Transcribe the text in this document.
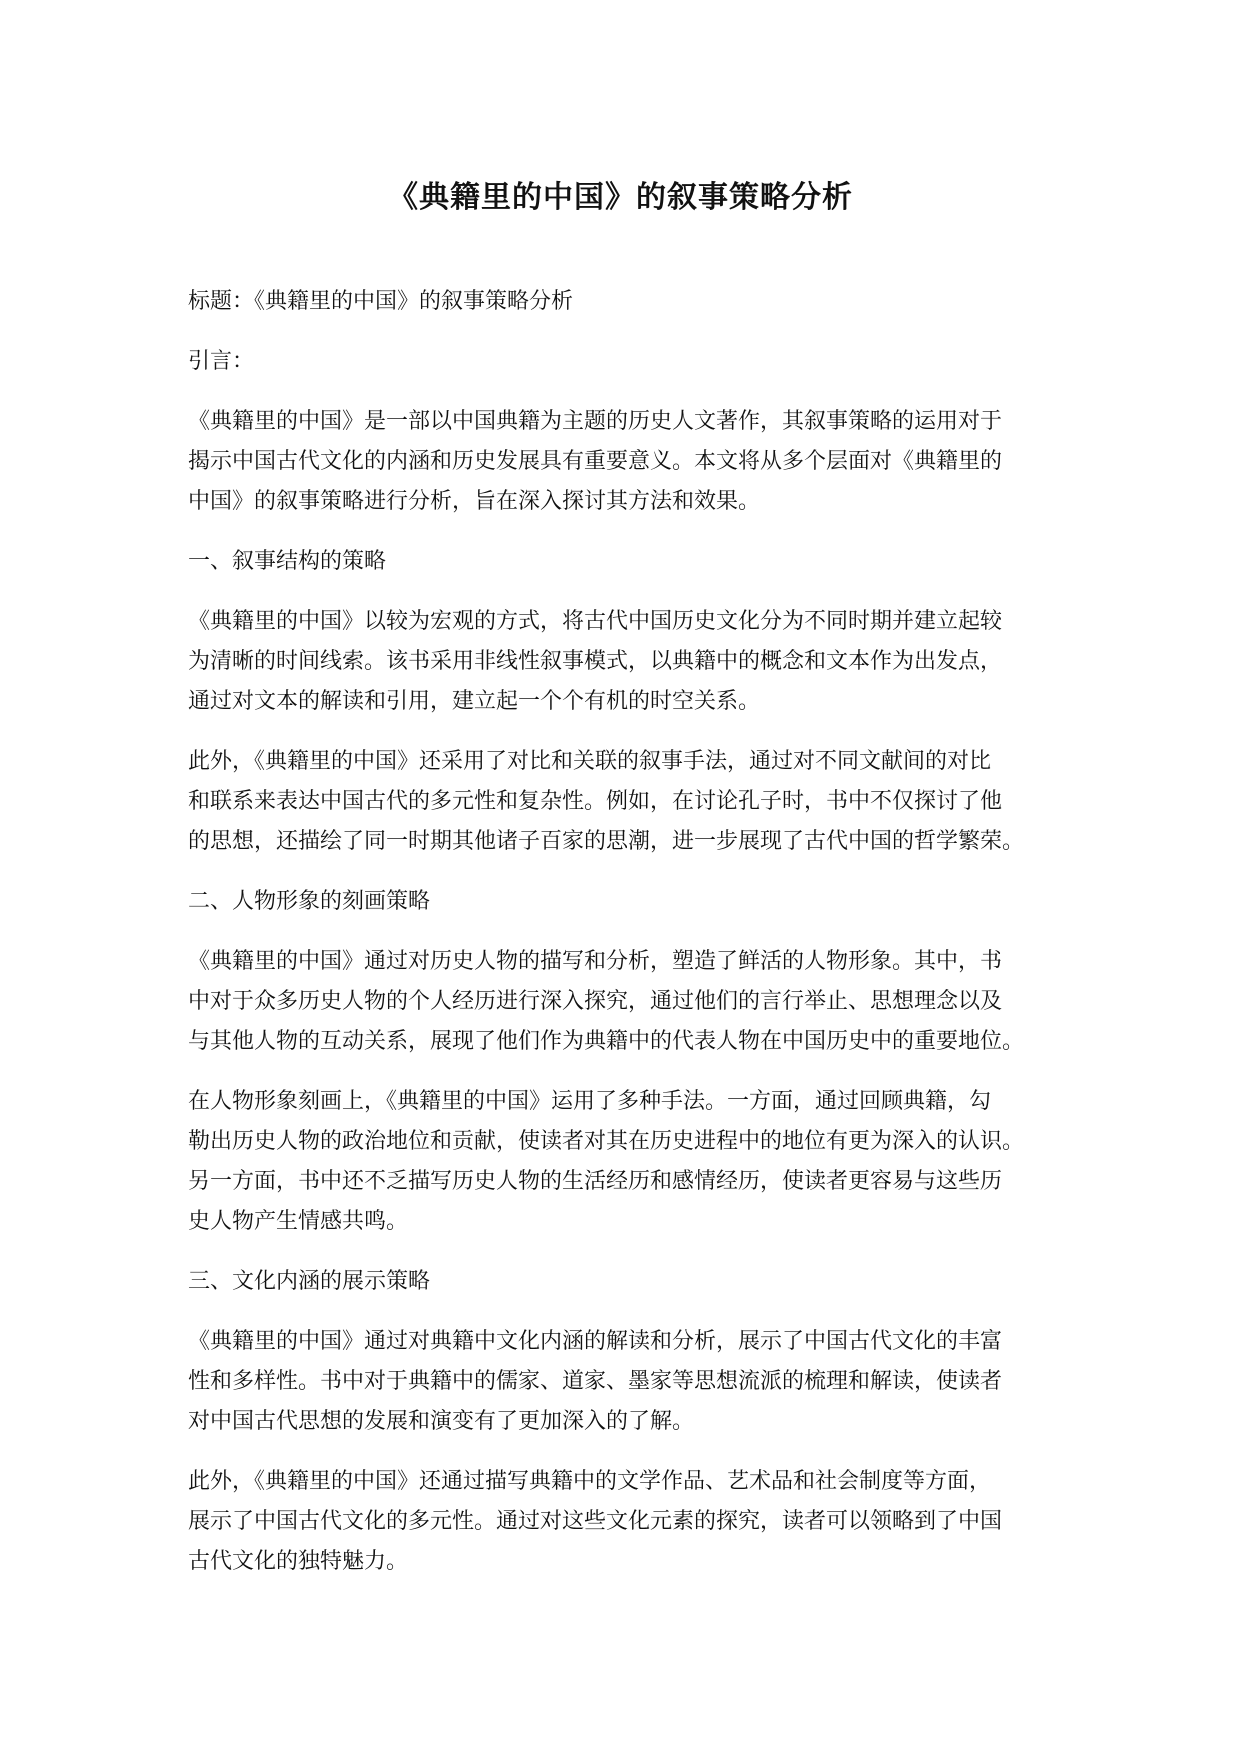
《典籍里的中国》的叙事策略分析

标题：《典籍里的中国》的叙事策略分析

引言：

《典籍里的中国》是一部以中国典籍为主题的历史人文著作，其叙事策略的运用对于
揭示中国古代文化的内涵和历史发展具有重要意义。本文将从多个层面对《典籍里的
中国》的叙事策略进行分析，旨在深入探讨其方法和效果。

一、叙事结构的策略

《典籍里的中国》以较为宏观的方式，将古代中国历史文化分为不同时期并建立起较
为清晰的时间线索。该书采用非线性叙事模式，以典籍中的概念和文本作为出发点，
通过对文本的解读和引用，建立起一个个有机的时空关系。

此外，《典籍里的中国》还采用了对比和关联的叙事手法，通过对不同文献间的对比
和联系来表达中国古代的多元性和复杂性。例如，在讨论孔子时，书中不仅探讨了他
的思想，还描绘了同一时期其他诸子百家的思潮，进一步展现了古代中国的哲学繁荣。

二、人物形象的刻画策略

《典籍里的中国》通过对历史人物的描写和分析，塑造了鲜活的人物形象。其中，书
中对于众多历史人物的个人经历进行深入探究，通过他们的言行举止、思想理念以及
与其他人物的互动关系，展现了他们作为典籍中的代表人物在中国历史中的重要地位。

在人物形象刻画上，《典籍里的中国》运用了多种手法。一方面，通过回顾典籍，勾
勒出历史人物的政治地位和贡献，使读者对其在历史进程中的地位有更为深入的认识。
另一方面，书中还不乏描写历史人物的生活经历和感情经历，使读者更容易与这些历
史人物产生情感共鸣。

三、文化内涵的展示策略

《典籍里的中国》通过对典籍中文化内涵的解读和分析，展示了中国古代文化的丰富
性和多样性。书中对于典籍中的儒家、道家、墨家等思想流派的梳理和解读，使读者
对中国古代思想的发展和演变有了更加深入的了解。

此外，《典籍里的中国》还通过描写典籍中的文学作品、艺术品和社会制度等方面，
展示了中国古代文化的多元性。通过对这些文化元素的探究，读者可以领略到了中国
古代文化的独特魅力。
